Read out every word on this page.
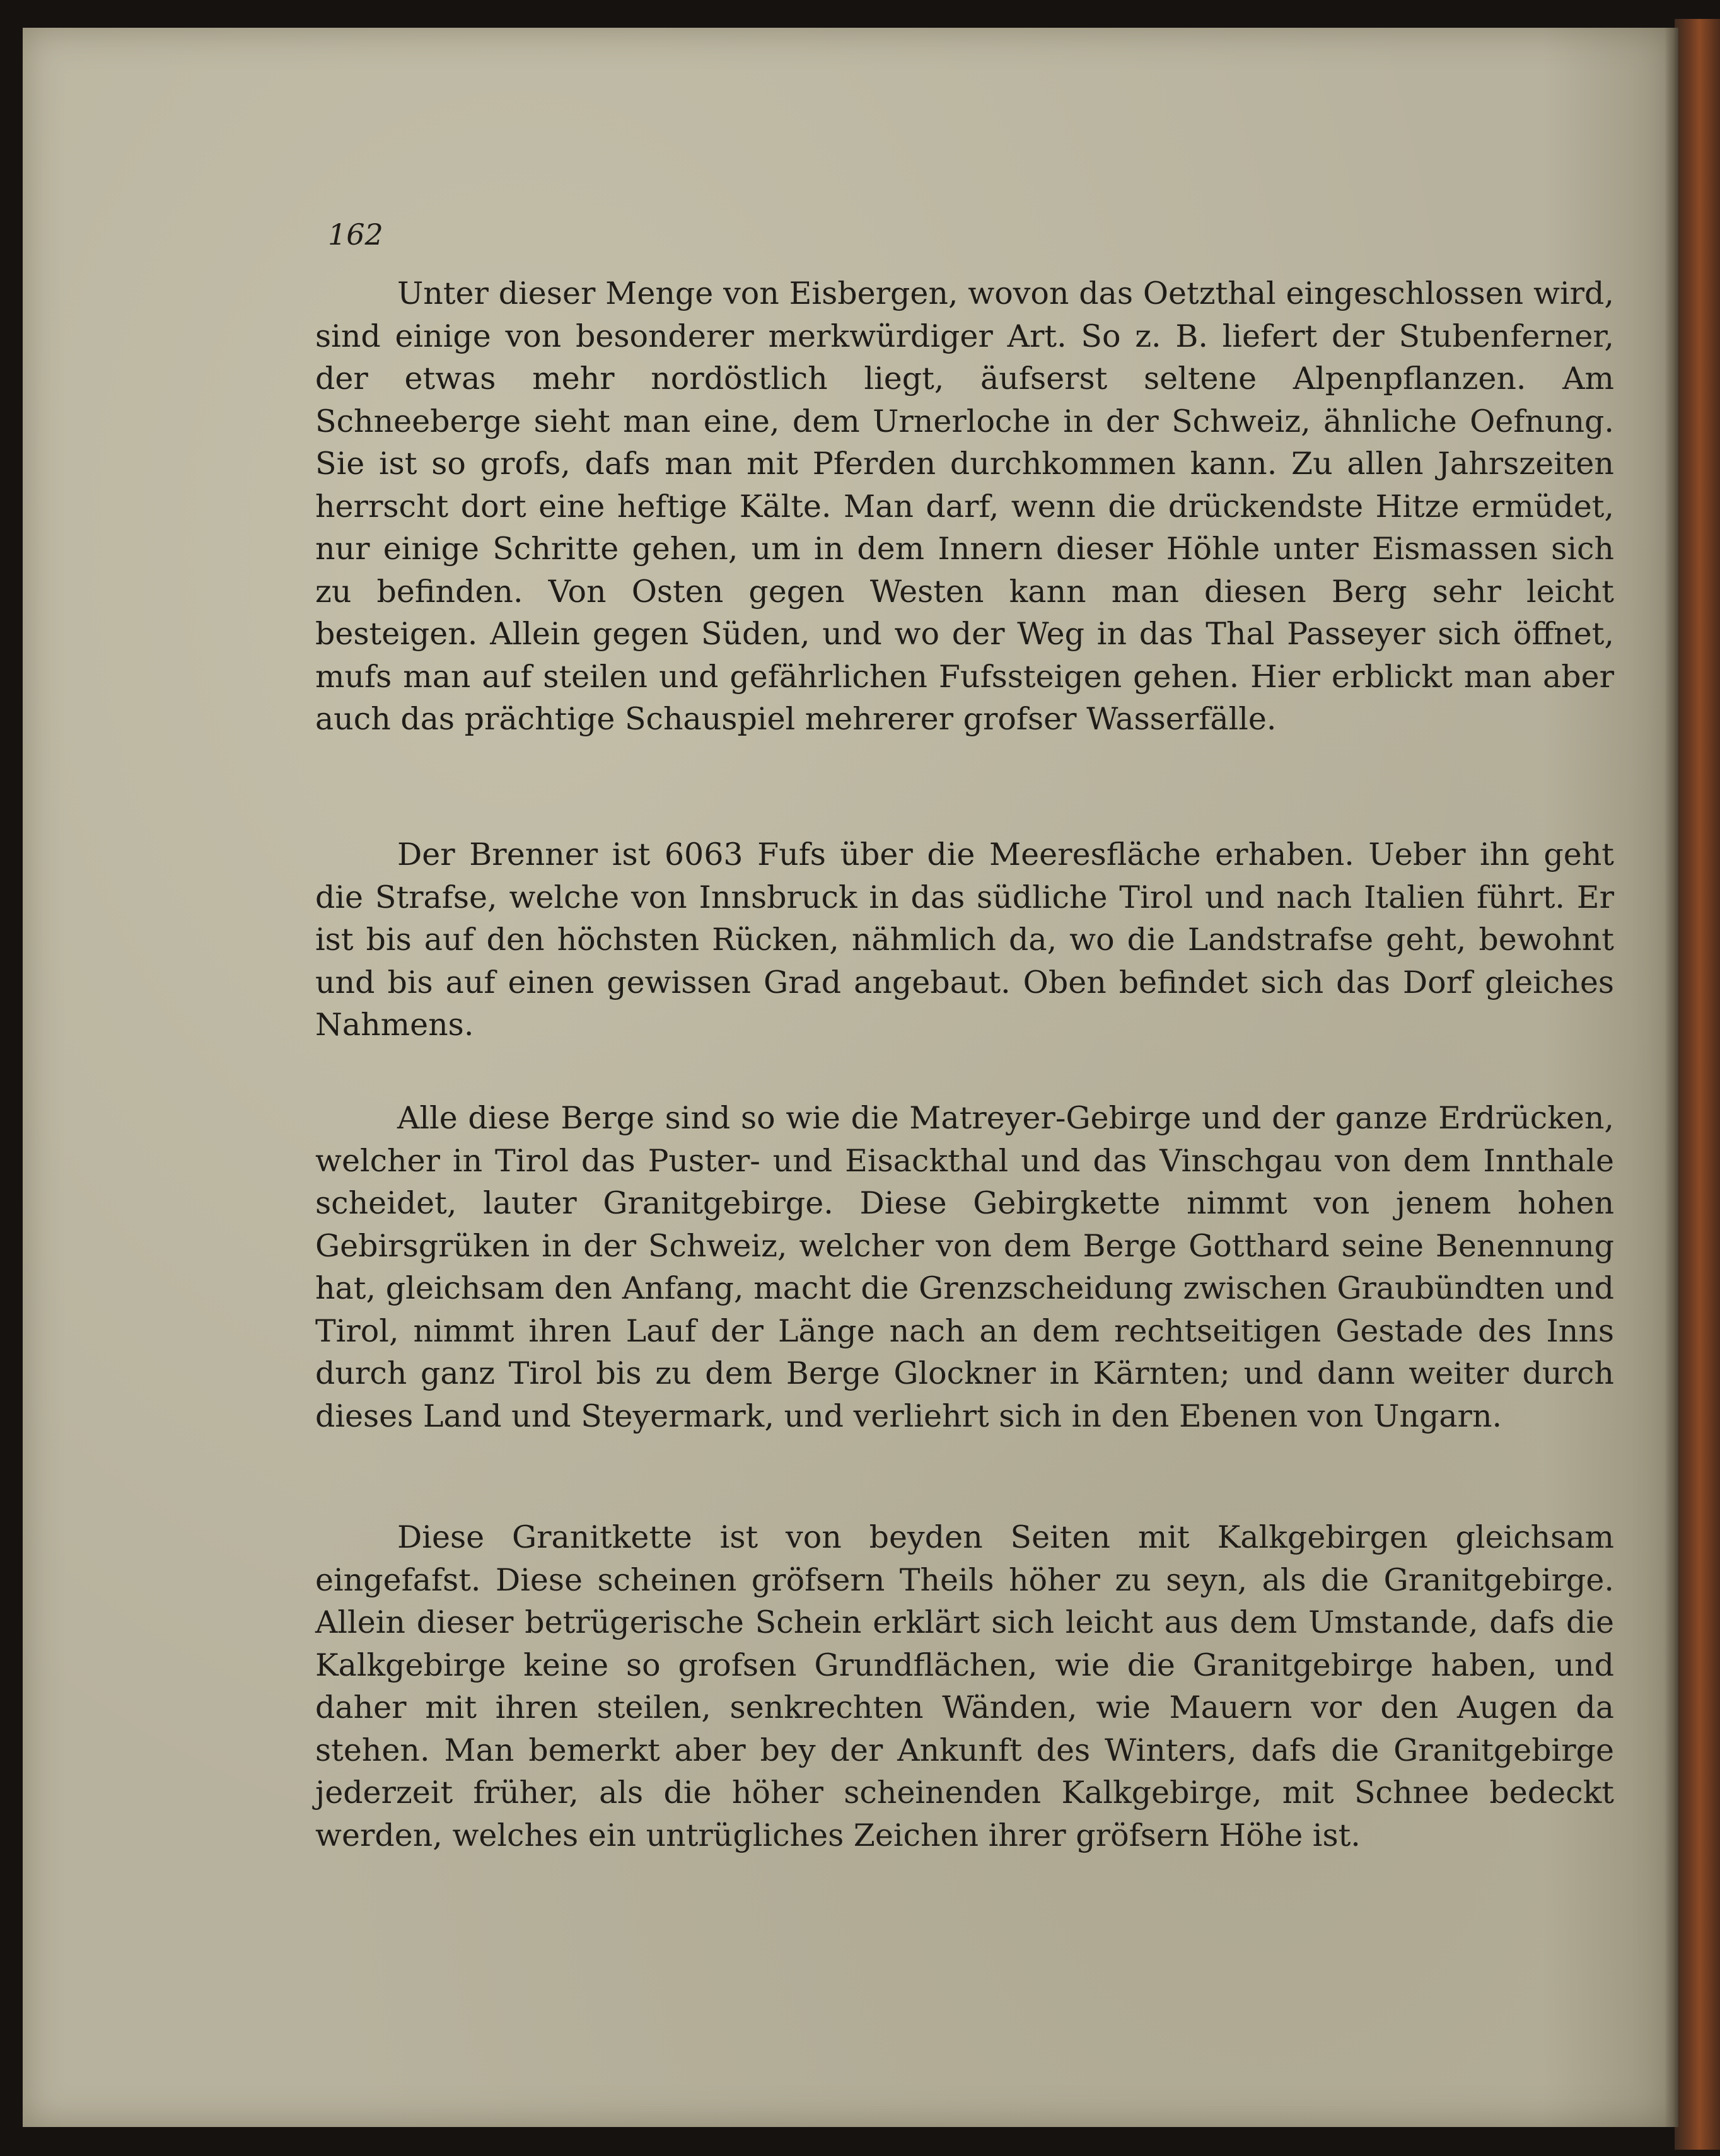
162

Unter dieser Menge von Eisbergen, wovon das Oetzthal eingeschlossen wird, sind einige von besonderer merkwürdiger Art. So z. B. liefert der Stubenferner, der etwas mehr nordöstlich liegt, äufserst seltene Alpenpflanzen. Am Schneeberge sieht man eine, dem Urnerloche in der Schweiz, ähnliche Oefnung. Sie ist so grofs, dafs man mit Pferden durchkommen kann. Zu allen Jahrszeiten herrscht dort eine heftige Kälte. Man darf, wenn die drückendste Hitze ermüdet, nur einige Schritte gehen, um in dem Innern dieser Höhle unter Eismassen sich zu befinden. Von Osten gegen Westen kann man diesen Berg sehr leicht besteigen. Allein gegen Süden, und wo der Weg in das Thal Passeyer sich öffnet, mufs man auf steilen und gefährlichen Fufssteigen gehen. Hier erblickt man aber auch das prächtige Schauspiel mehrerer grofser Wasserfälle.

Der Brenner ist 6063 Fufs über die Meeresfläche erhaben. Ueber ihn geht die Strafse, welche von Innsbruck in das südliche Tirol und nach Italien führt. Er ist bis auf den höchsten Rücken, nähmlich da, wo die Landstrafse geht, bewohnt und bis auf einen gewissen Grad angebaut. Oben befindet sich das Dorf gleiches Nahmens.

Alle diese Berge sind so wie die Matreyer-Gebirge und der ganze Erdrücken, welcher in Tirol das Puster- und Eisackthal und das Vinschgau von dem Innthale scheidet, lauter Granitgebirge. Diese Gebirgkette nimmt von jenem hohen Gebirsgrüken in der Schweiz, welcher von dem Berge Gotthard seine Benennung hat, gleichsam den Anfang, macht die Grenzscheidung zwischen Graubündten und Tirol, nimmt ihren Lauf der Länge nach an dem rechtseitigen Gestade des Inns durch ganz Tirol bis zu dem Berge Glockner in Kärnten; und dann weiter durch dieses Land und Steyermark, und verliehrt sich in den Ebenen von Ungarn.

Diese Granitkette ist von beyden Seiten mit Kalkgebirgen gleichsam eingefafst. Diese scheinen gröfsern Theils höher zu seyn, als die Granitgebirge. Allein dieser betrügerische Schein erklärt sich leicht aus dem Umstande, dafs die Kalkgebirge keine so grofsen Grundflächen, wie die Granitgebirge haben, und daher mit ihren steilen, senkrechten Wänden, wie Mauern vor den Augen da stehen. Man bemerkt aber bey der Ankunft des Winters, dafs die Granitgebirge jederzeit früher, als die höher scheinenden Kalkgebirge, mit Schnee bedeckt werden, welches ein untrügliches Zeichen ihrer gröfsern Höhe ist.
